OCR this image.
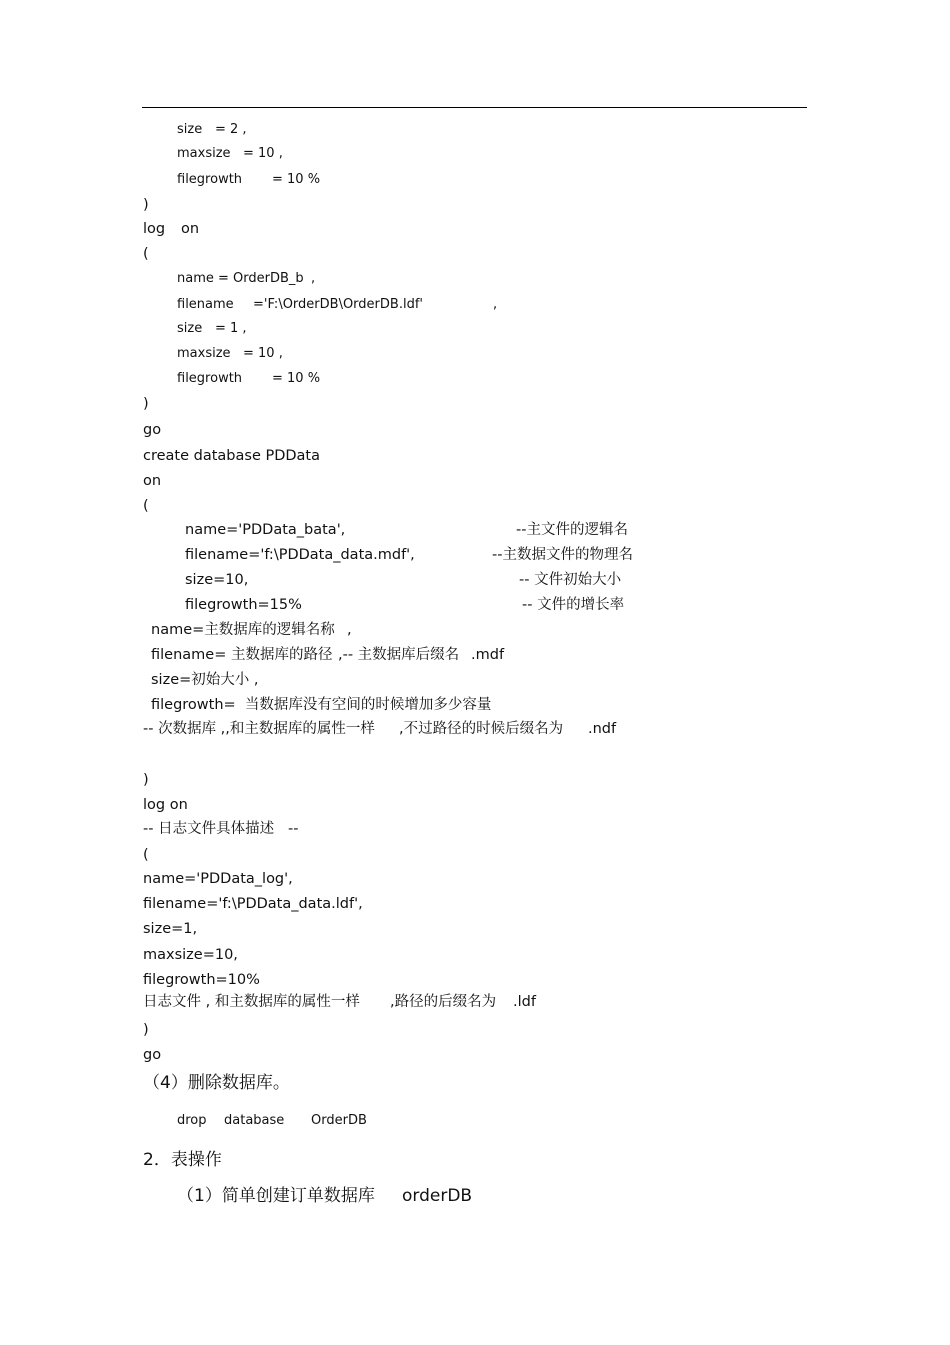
size = 2 ,
maxsize = 10 ,
filegrowth = 10 %
)
log on
(
name = OrderDB_b ,
filename ='F:\OrderDB\OrderDB.ldf'	,
size = 1 ,
maxsize = 10 ,
filegrowth = 10 %
)
go
create database PDData
on
(
name='PDData_bata',	--主文件的逻辑名
filename='f:\PDData_data.mdf',	--主数据文件的物理名
size=10,	-- 文件初始大小
filegrowth=15%	-- 文件的增长率
name=主数据库的逻辑名称 ,
filename= 主数据库的路径 ,-- 主数据库后缀名 .mdf
size=初始大小 ,
filegrowth=  当数据库没有空间的时候增加多少容量
-- 次数据库 ,,和主数据库的属性一样 ,不过路径的时候后缀名为 .ndf
)
log on
-- 日志文件具体描述 --
(
name='PDData_log',
filename='f:\PDData_data.ldf',
size=1,
maxsize=10,
filegrowth=10%
日志文件 , 和主数据库的属性一样 ,路径的后缀名为 .ldf
)
go
（4）删除数据库。
drop database OrderDB
2．表操作
（1）简单创建订单数据库 orderDB
